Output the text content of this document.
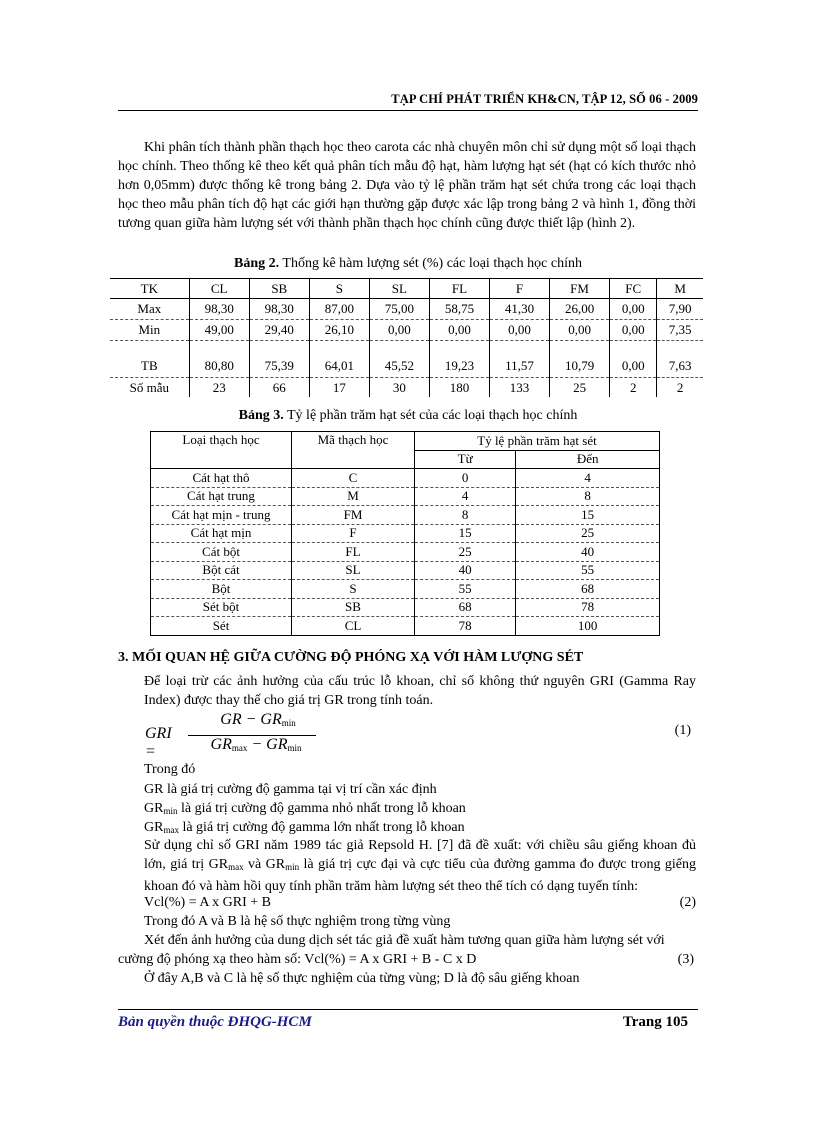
TẠP CHÍ PHÁT TRIỂN KH&CN, TẬP 12, SỐ 06 - 2009
Khi phân tích thành phần thạch học theo carota các nhà chuyên môn chỉ sử dụng một số loại thạch học chính. Theo thống kê theo kết quả phân tích mẫu độ hạt, hàm lượng hạt sét (hạt có kích thước nhỏ hơn 0,05mm) được thống kê trong bảng 2. Dựa vào tỷ lệ phần trăm hạt sét chứa trong các loại thạch học theo mẫu phân tích độ hạt các giới hạn thường gặp được xác lập trong bảng 2 và hình 1, đồng thời tương quan giữa hàm lượng sét với thành phần thạch học chính cũng được thiết lập (hình 2).
Bảng 2. Thống kê hàm lượng sét (%) các loại thạch học chính
TK	CL	SB	S	SL	FL	F	FM	FC	M
Max	98,30	98,30	87,00	75,00	58,75	41,30	26,00	0,00	7,90
Min	49,00	29,40	26,10	0,00	0,00	0,00	0,00	0,00	7,35
TB	80,80	75,39	64,01	45,52	19,23	11,57	10,79	0,00	7,63
Số mẫu	23	66	17	30	180	133	25	2	2
Bảng 3. Tỷ lệ phần trăm hạt sét của các loại thạch học chính
Loại thạch học	Mã thạch học	Tỷ lệ phần trăm hạt sét	
		Từ	Đến
Cát hạt thô	C	0	4
Cát hạt trung	M	4	8
Cát hạt mịn - trung	FM	8	15
Cát hạt mịn	F	15	25
Cát bột	FL	25	40
Bột cát	SL	40	55
Bột	S	55	68
Sét bột	SB	68	78
Sét	CL	78	100
3. MỐI QUAN HỆ GIỮA CƯỜNG ĐỘ PHÓNG XẠ VỚI HÀM LƯỢNG SÉT
Để loại trừ các ảnh hưởng của cấu trúc lỗ khoan, chỉ số không thứ nguyên GRI (Gamma Ray Index) được thay thế cho giá trị GR trong tính toán.
GRI =
GR − $GR_{min}$
$GR_{max} - GR_{min}$
(1)
Trong đó
GR là giá trị cường độ gamma tại vị trí cần xác định
$GR_{min}$ là giá trị cường độ gamma nhỏ nhất trong lỗ khoan
$GR_{max}$ là giá trị cường độ gamma lớn nhất trong lỗ khoan
Sử dụng chỉ số GRI năm 1989 tác giả Repsold H. [7] đã đề xuất: với chiều sâu giếng khoan đủ lớn, giá trị $GR_{max}$ và $GR_{min}$ là giá trị cực đại và cực tiểu của đường gamma đo được trong giếng khoan đó và hàm hồi quy tính phần trăm hàm lượng sét theo thể tích có dạng tuyến tính:
Vcl(%) = A x GRI + B	(2)
Trong đó A và B là hệ số thực nghiệm trong từng vùng
Xét đến ảnh hưởng của dung dịch sét tác giả đề xuất hàm tương quan giữa hàm lượng sét với
cường độ phóng xạ theo hàm số: Vcl(%) = A x GRI + B - C x D	(3)
Ở đây A,B và C là hệ số thực nghiệm của từng vùng; D là độ sâu giếng khoan
Bản quyền thuộc ĐHQG-HCM	Trang 105
